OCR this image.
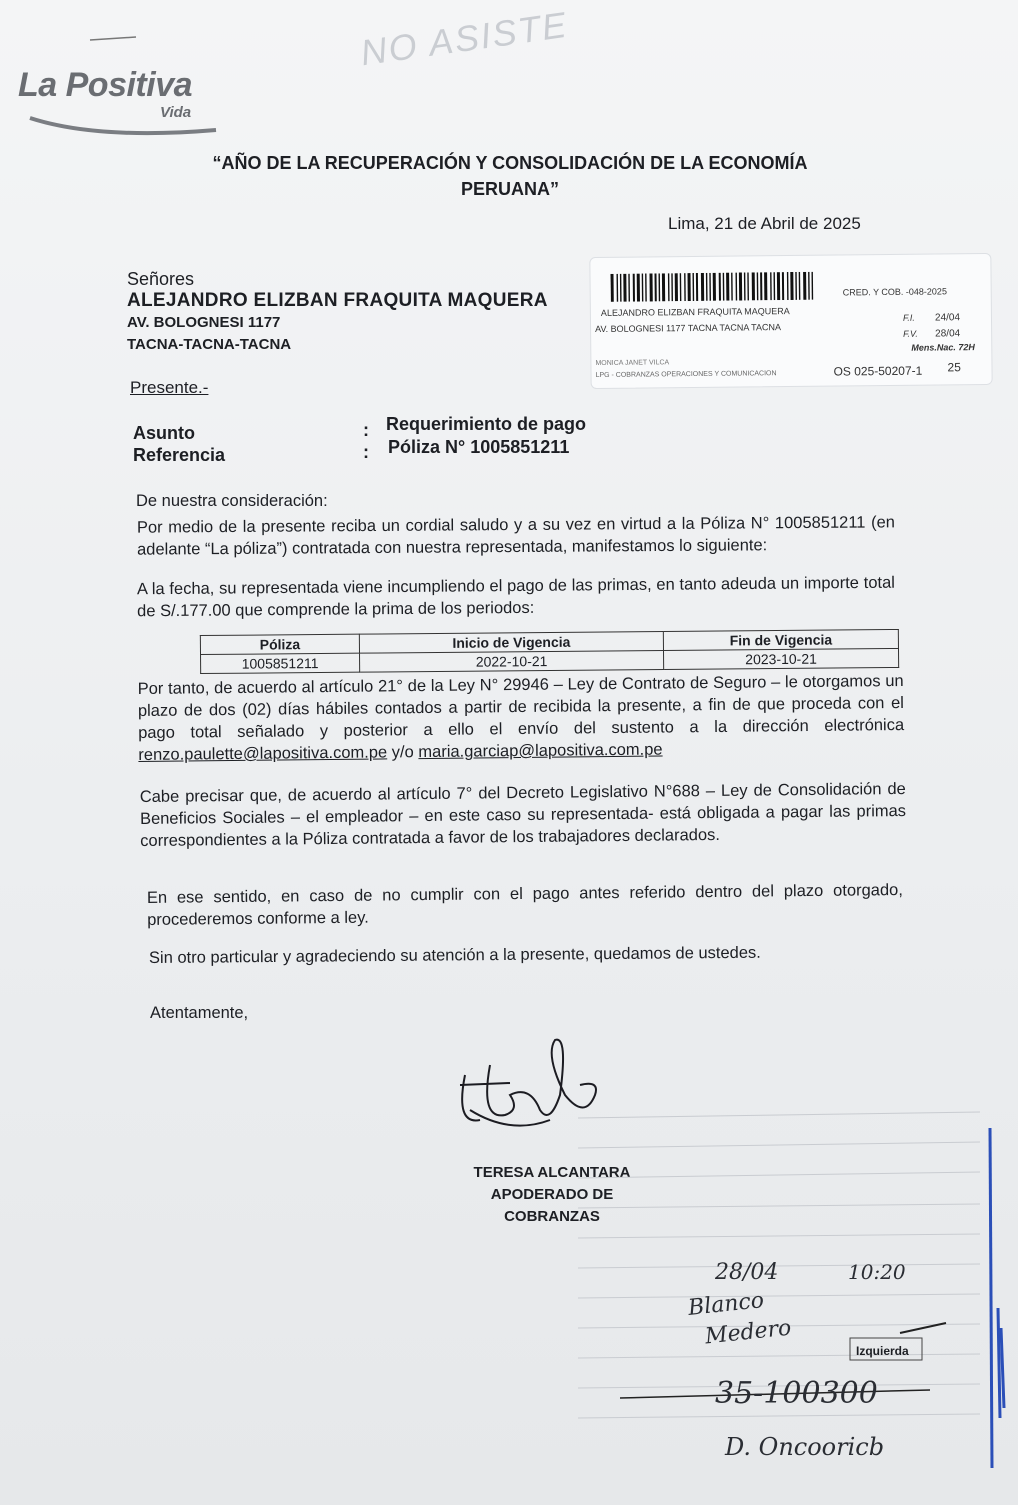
NO ASISTE
La Positiva
Vida
“AÑO DE LA RECUPERACIÓN Y CONSOLIDACIÓN DE LA ECONOMÍA
PERUANA”
Lima, 21 de Abril de 2025
Señores
ALEJANDRO ELIZBAN FRAQUITA MAQUERA
AV. BOLOGNESI 1177
TACNA-TACNA-TACNA
ALEJANDRO ELIZBAN FRAQUITA MAQUERA
AV. BOLOGNESI 1177 TACNA TACNA TACNA
CRED. Y COB. -048-2025
F.I. 24/04
F.V. 28/04
Mens.Nac. 72H
MONICA JANET VILCA
LPG - COBRANZAS OPERACIONES Y COMUNICACION	OS 025-50207-1 25
Presente.-
Asunto	: Requerimiento de pago
Referencia	: Póliza N° 1005851211
De nuestra consideración:
Por medio de la presente reciba un cordial saludo y a su vez en virtud a la Póliza N° 1005851211 (en adelante “La póliza”) contratada con nuestra representada, manifestamos lo siguiente:
A la fecha, su representada viene incumpliendo el pago de las primas, en tanto adeuda un importe total de S/.177.00 que comprende la prima de los periodos:
Póliza	Inicio de Vigencia	Fin de Vigencia
1005851211	2022-10-21	2023-10-21
Por tanto, de acuerdo al artículo 21° de la Ley N° 29946 – Ley de Contrato de Seguro – le otorgamos un plazo de dos (02) días hábiles contados a partir de recibida la presente, a fin de que proceda con el pago total señalado y posterior a ello el envío del sustento a la dirección electrónica renzo.paulette@lapositiva.com.pe y/o maria.garciap@lapositiva.com.pe
Cabe precisar que, de acuerdo al artículo 7° del Decreto Legislativo N°688 – Ley de Consolidación de Beneficios Sociales – el empleador – en este caso su representada- está obligada a pagar las primas correspondientes a la Póliza contratada a favor de los trabajadores declarados.
En ese sentido, en caso de no cumplir con el pago antes referido dentro del plazo otorgado, procederemos conforme a ley.
Sin otro particular y agradeciendo su atención a la presente, quedamos de ustedes.
Atentamente,
TERESA ALCANTARA
APODERADO DE COBRANZAS
28/04	10:20
Blanco
Medero
Izquierda
35-100300
D. Oncooricb
